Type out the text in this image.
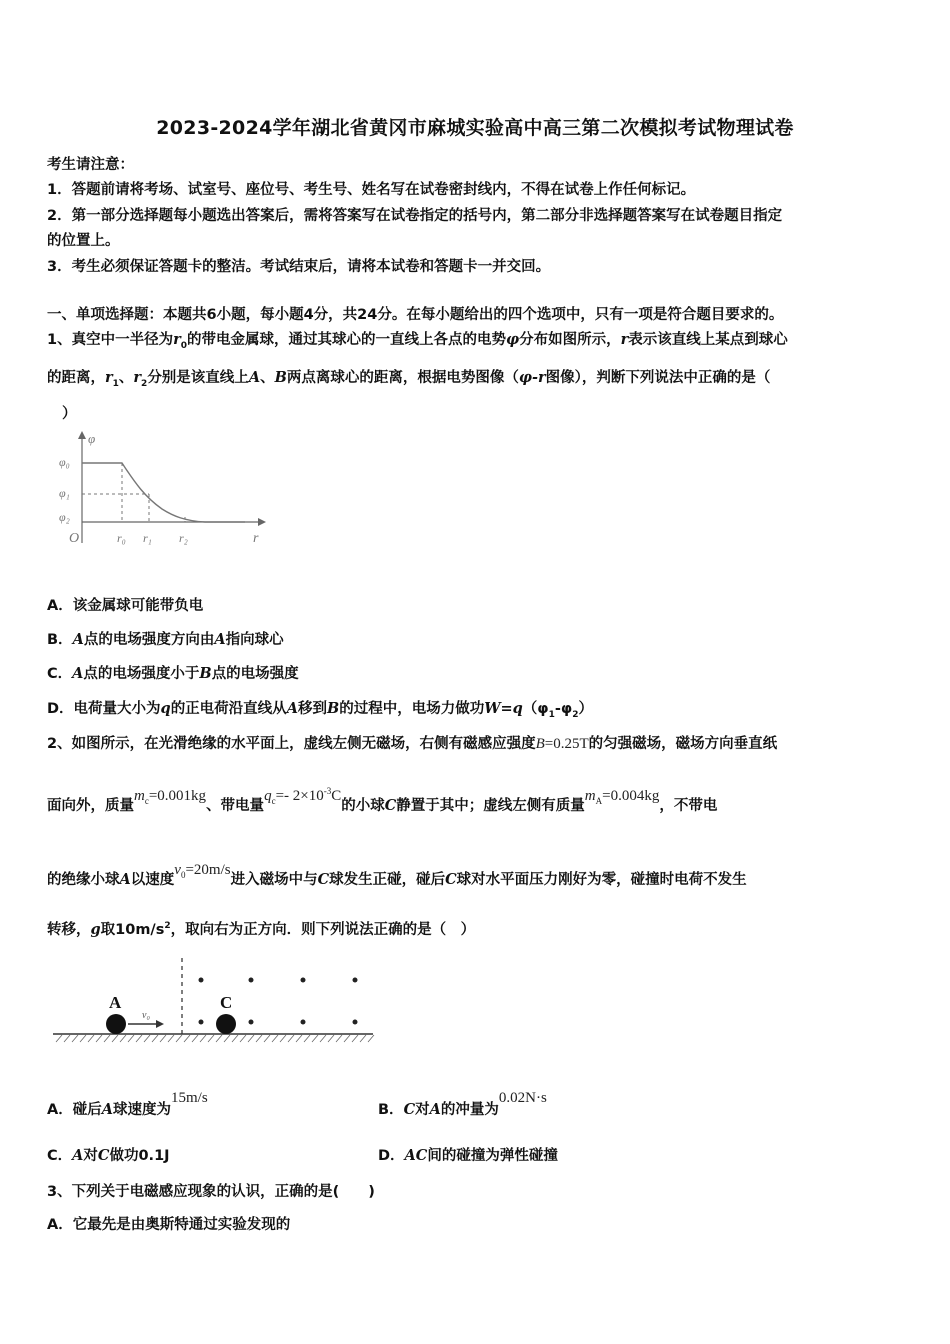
2023-2024学年湖北省黄冈市麻城实验高中高三第二次模拟考试物理试卷
考生请注意：
1．答题前请将考场、试室号、座位号、考生号、姓名写在试卷密封线内，不得在试卷上作任何标记。
2．第一部分选择题每小题选出答案后，需将答案写在试卷指定的括号内，第二部分非选择题答案写在试卷题目指定
的位置上。
3．考生必须保证答题卡的整洁。考试结束后，请将本试卷和答题卡一并交回。
一、单项选择题：本题共6小题，每小题4分，共24分。在每小题给出的四个选项中，只有一项是符合题目要求的。
1、真空中一半径为$r_0$的带电金属球，通过其球心的一直线上各点的电势φ分布如图所示，r表示该直线上某点到球心
的距离，$r_1$、$r_2$分别是该直线上A、B两点离球心的距离，根据电势图像（φ-r图像），判断下列说法中正确的是（
）
φ
φ₀
φ₁
φ₂
O	r₀ r₁ r₂	r
A．该金属球可能带负电
B．A点的电场强度方向由A指向球心
C．A点的电场强度小于B点的电场强度
D．电荷量大小为q的正电荷沿直线从A移到B的过程中，电场力做功$W=q(\varphi_1-\varphi_2)$
2、如图所示，在光滑绝缘的水平面上，虚线左侧无磁场，右侧有磁感应强度B=0.25T的匀强磁场，磁场方向垂直纸
面向外，质量$m_c=0.001kg$、带电量$q_c=-$ $2\times 10^{-3}C$的小球C静置于其中；虚线左侧有质量$m_A=0.004kg$，不带电
的绝缘小球A以速度$v_0=20m/s$进入磁场中与C球发生正碰，碰后C球对水平面压力刚好为零，碰撞时电荷不发生
转移，g取$10m/s^2$，取向右为正方向．则下列说法正确的是（　）
A	C
v₀
A．碰后A球速度为15m/s
B．C对A的冲量为0.02N·s
C．A对C做功0.1J	D．AC间的碰撞为弹性碰撞
3、下列关于电磁感应现象的认识，正确的是(　　)
A．它最先是由奥斯特通过实验发现的
